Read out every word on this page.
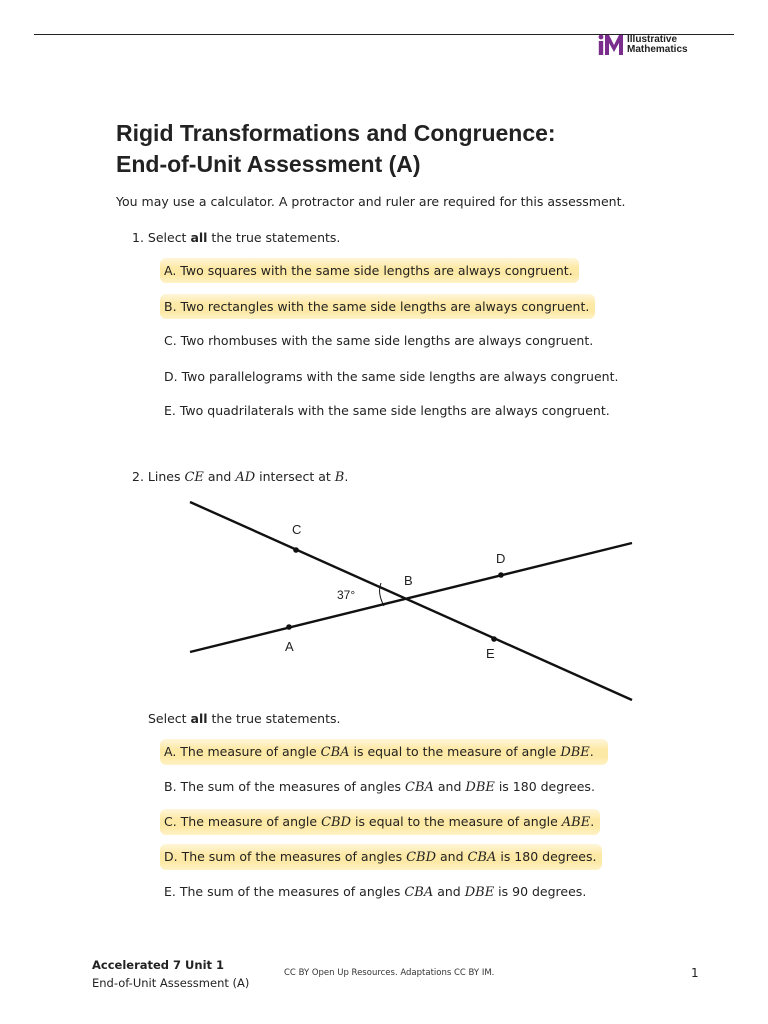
Illustrative
Mathematics
Rigid Transformations and Congruence:
End-of-Unit Assessment (A)
You may use a calculator. A protractor and ruler are required for this assessment.
1. Select all the true statements.
A. Two squares with the same side lengths are always congruent.
B. Two rectangles with the same side lengths are always congruent.
C. Two rhombuses with the same side lengths are always congruent.
D. Two parallelograms with the same side lengths are always congruent.
E. Two quadrilaterals with the same side lengths are always congruent.
2. Lines CE and AD intersect at B.
C
D
B
A	E
37°
Select all the true statements.
A. The measure of angle CBA is equal to the measure of angle DBE.
B. The sum of the measures of angles CBA and DBE is 180 degrees.
C. The measure of angle CBD is equal to the measure of angle ABE.
D. The sum of the measures of angles CBD and CBA is 180 degrees.
E. The sum of the measures of angles CBA and DBE is 90 degrees.
Accelerated 7 Unit 1
End-of-Unit Assessment (A)
CC BY Open Up Resources. Adaptations CC BY IM.	1
